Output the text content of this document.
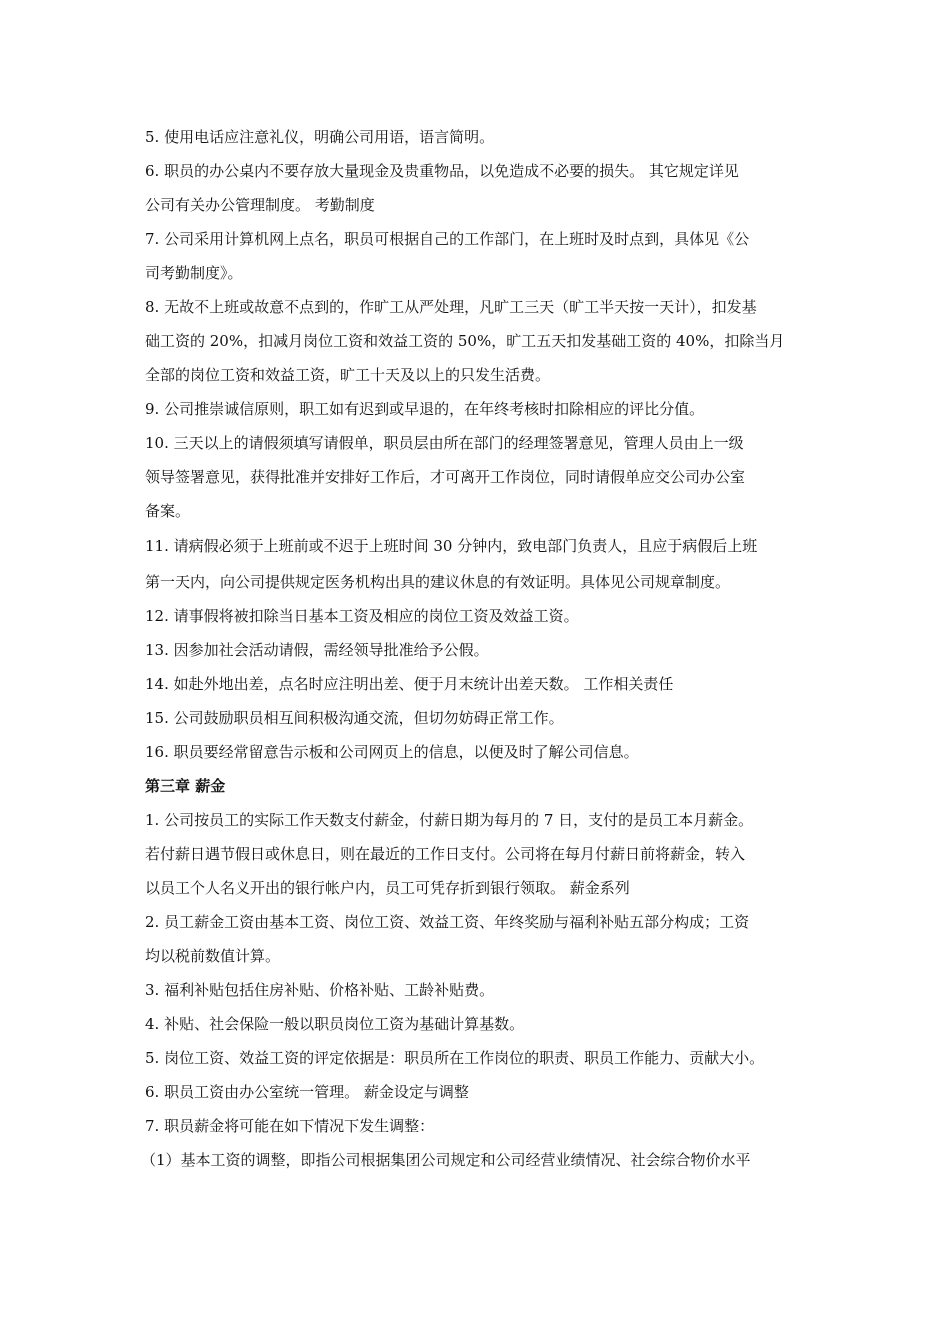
5. 使用电话应注意礼仪，明确公司用语，语言简明。
6. 职员的办公桌内不要存放大量现金及贵重物品，以免造成不必要的损失。 其它规定详见
公司有关办公管理制度。 考勤制度
7. 公司采用计算机网上点名，职员可根据自己的工作部门，在上班时及时点到，具体见《公
司考勤制度》。
8. 无故不上班或故意不点到的，作旷工从严处理，凡旷工三天（旷工半天按一天计），扣发基
础工资的 20%，扣减月岗位工资和效益工资的 50%，旷工五天扣发基础工资的 40%，扣除当月
全部的岗位工资和效益工资，旷工十天及以上的只发生活费。
9. 公司推崇诚信原则，职工如有迟到或早退的，在年终考核时扣除相应的评比分值。
10. 三天以上的请假须填写请假单，职员层由所在部门的经理签署意见，管理人员由上一级
领导签署意见，获得批准并安排好工作后，才可离开工作岗位，同时请假单应交公司办公室
备案。
11. 请病假必须于上班前或不迟于上班时间 30 分钟内，致电部门负责人，且应于病假后上班
第一天内，向公司提供规定医务机构出具的建议休息的有效证明。具体见公司规章制度。
12. 请事假将被扣除当日基本工资及相应的岗位工资及效益工资。
13. 因参加社会活动请假，需经领导批准给予公假。
14. 如赴外地出差，点名时应注明出差、便于月末统计出差天数。 工作相关责任
15. 公司鼓励职员相互间积极沟通交流，但切勿妨碍正常工作。
16. 职员要经常留意告示板和公司网页上的信息，以便及时了解公司信息。
第三章 薪金
1. 公司按员工的实际工作天数支付薪金，付薪日期为每月的 7 日，支付的是员工本月薪金。
若付薪日遇节假日或休息日，则在最近的工作日支付。公司将在每月付薪日前将薪金，转入
以员工个人名义开出的银行帐户内，员工可凭存折到银行领取。 薪金系列
2. 员工薪金工资由基本工资、岗位工资、效益工资、年终奖励与福利补贴五部分构成；工资
均以税前数值计算。
3. 福利补贴包括住房补贴、价格补贴、工龄补贴费。
4. 补贴、社会保险一般以职员岗位工资为基础计算基数。
5. 岗位工资、效益工资的评定依据是：职员所在工作岗位的职责、职员工作能力、贡献大小。
6. 职员工资由办公室统一管理。 薪金设定与调整
7. 职员薪金将可能在如下情况下发生调整：
（1）基本工资的调整，即指公司根据集团公司规定和公司经营业绩情况、社会综合物价水平
